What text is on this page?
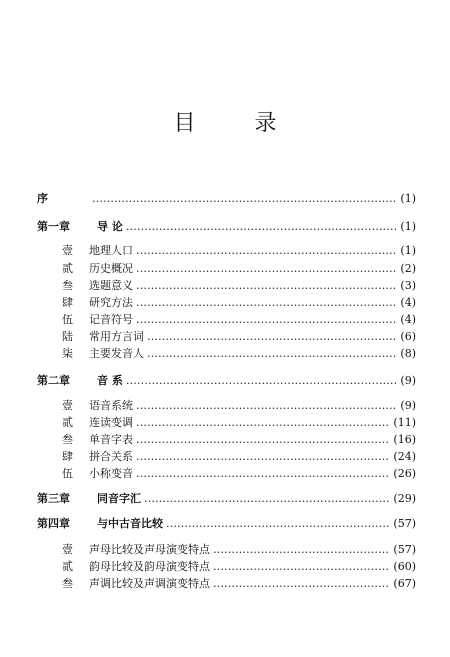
目 录
序 ……………………………………………………………………………………………………………………………………………………………………	(1)
第一章	导 论 ……………………………………………………………………………………………………………………………………………………………………	(1)
壹	地理人口 ……………………………………………………………………………………………………………………………………………………………………	(1)
贰	历史概况 ……………………………………………………………………………………………………………………………………………………………………	(2)
叁	选题意义 ……………………………………………………………………………………………………………………………………………………………………	(3)
肆	研究方法 ……………………………………………………………………………………………………………………………………………………………………	(4)
伍	记音符号 ……………………………………………………………………………………………………………………………………………………………………	(4)
陆	常用方言词 ……………………………………………………………………………………………………………………………………………………………………	(6)
柒	主要发音人 ……………………………………………………………………………………………………………………………………………………………………	(8)
第二章	音 系 ……………………………………………………………………………………………………………………………………………………………………	(9)
壹	语音系统 ……………………………………………………………………………………………………………………………………………………………………	(9)
贰	连读变调 ……………………………………………………………………………………………………………………………………………………………………	(11)
叁	单音字表 ……………………………………………………………………………………………………………………………………………………………………	(16)
肆	拼合关系 ……………………………………………………………………………………………………………………………………………………………………	(24)
伍	小称变音 ……………………………………………………………………………………………………………………………………………………………………	(26)
第三章	同音字汇 ……………………………………………………………………………………………………………………………………………………………………	(29)
第四章	与中古音比较 ……………………………………………………………………………………………………………………………………………………………………	(57)
壹	声母比较及声母演变特点 ……………………………………………………………………………………………………………………………………………………………………	(57)
贰	韵母比较及韵母演变特点 ……………………………………………………………………………………………………………………………………………………………………	(60)
叁	声调比较及声调演变特点 ……………………………………………………………………………………………………………………………………………………………………	(67)
